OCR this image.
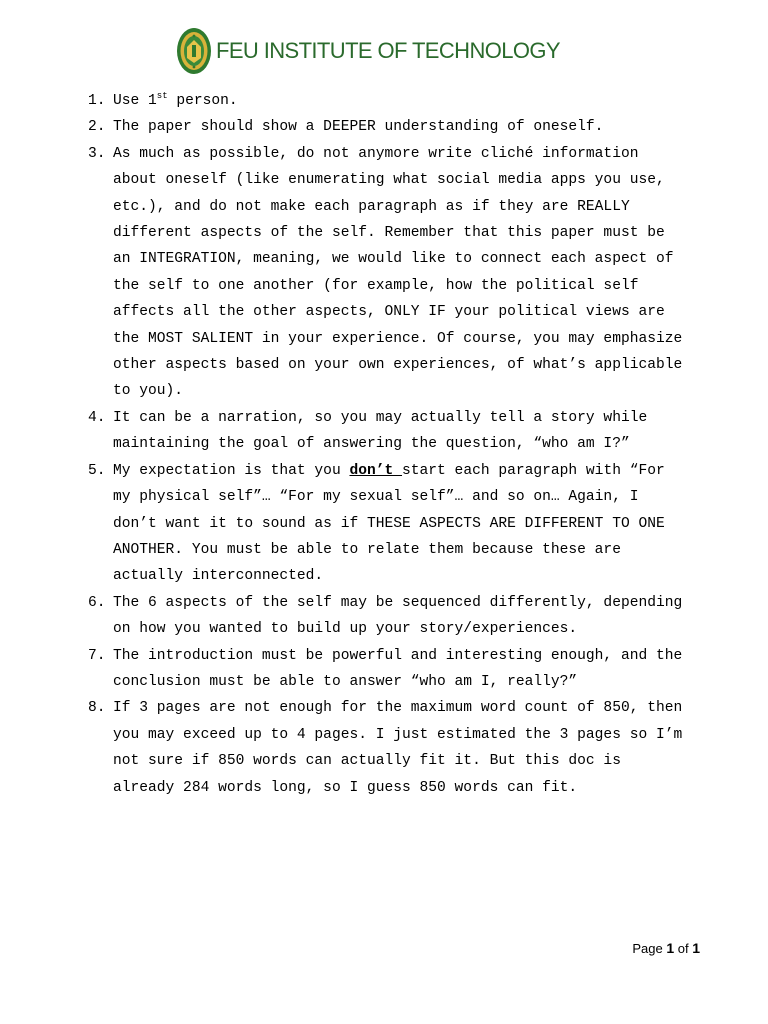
FEU INSTITUTE OF TECHNOLOGY
1. Use 1st person.
2. The paper should show a DEEPER understanding of oneself.
3. As much as possible, do not anymore write cliché information
about oneself (like enumerating what social media apps you use,
etc.), and do not make each paragraph as if they are REALLY
different aspects of the self. Remember that this paper must be
an INTEGRATION, meaning, we would like to connect each aspect of
the self to one another (for example, how the political self
affects all the other aspects, ONLY IF your political views are
the MOST SALIENT in your experience. Of course, you may emphasize
other aspects based on your own experiences, of what’s applicable
to you).
4. It can be a narration, so you may actually tell a story while
maintaining the goal of answering the question, “who am I?”
5. My expectation is that you don’t start each paragraph with “For
my physical self”… “For my sexual self”… and so on… Again, I
don’t want it to sound as if THESE ASPECTS ARE DIFFERENT TO ONE
ANOTHER. You must be able to relate them because these are
actually interconnected.
6. The 6 aspects of the self may be sequenced differently, depending
on how you wanted to build up your story/experiences.
7. The introduction must be powerful and interesting enough, and the
conclusion must be able to answer “who am I, really?”
8. If 3 pages are not enough for the maximum word count of 850, then
you may exceed up to 4 pages. I just estimated the 3 pages so I’m
not sure if 850 words can actually fit it. But this doc is
already 284 words long, so I guess 850 words can fit.
Page 1 of 1
